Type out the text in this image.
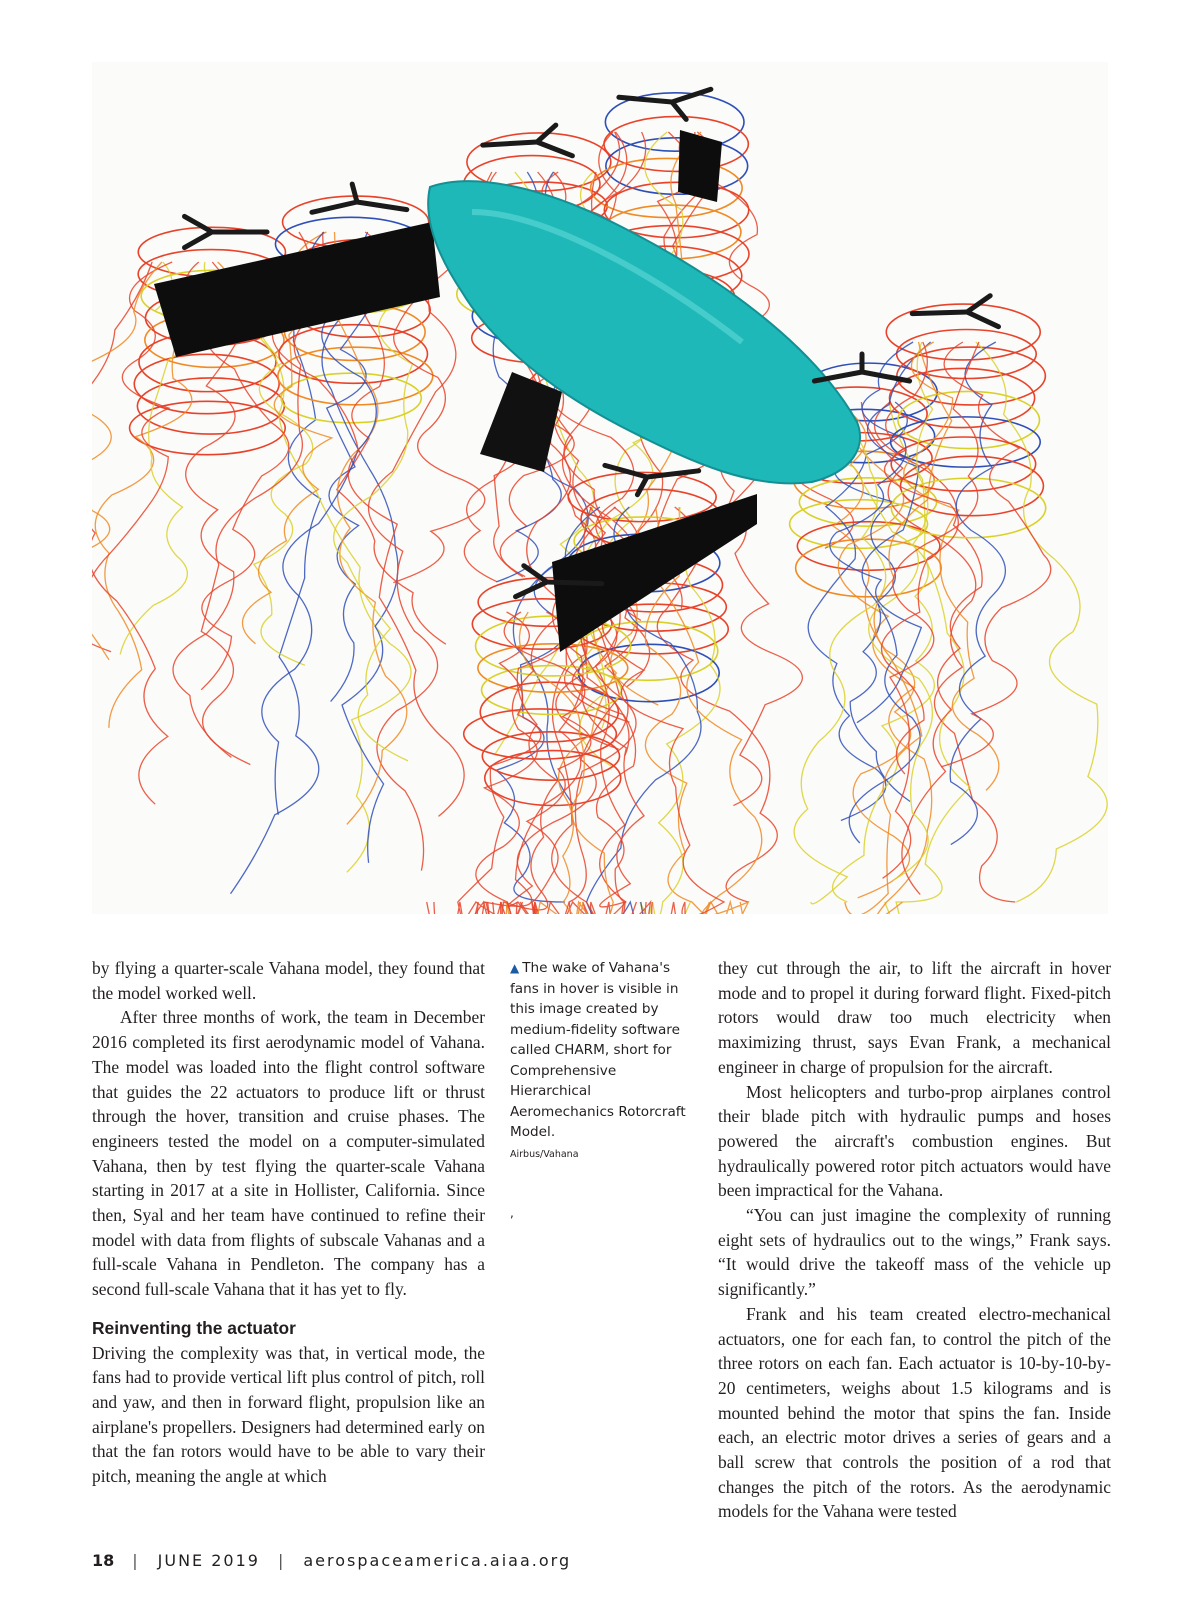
▲ The wake of Vahana's fans in hover is visible in this image created by medium-fidelity software called CHARM, short for Comprehensive Hierarchical Aeromechanics Rotorcraft Model.
Airbus/Vahana
,

by flying a quarter-scale Vahana model, they found that the model worked well.

After three months of work, the team in December 2016 completed its first aerodynamic model of Vahana. The model was loaded into the flight control software that guides the 22 actuators to produce lift or thrust through the hover, transition and cruise phases. The engineers tested the model on a computer-simulated Vahana, then by test flying the quarter-scale Vahana starting in 2017 at a site in Hollister, California. Since then, Syal and her team have continued to refine their model with data from flights of subscale Vahanas and a full-scale Vahana in Pendleton. The company has a second full-scale Vahana that it has yet to fly.

Reinventing the actuator

Driving the complexity was that, in vertical mode, the fans had to provide vertical lift plus control of pitch, roll and yaw, and then in forward flight, propulsion like an airplane's propellers. Designers had determined early on that the fan rotors would have to be able to vary their pitch, meaning the angle at which

they cut through the air, to lift the aircraft in hover mode and to propel it during forward flight. Fixed-pitch rotors would draw too much electricity when maximizing thrust, says Evan Frank, a mechanical engineer in charge of propulsion for the aircraft.

Most helicopters and turbo-prop airplanes control their blade pitch with hydraulic pumps and hoses powered the aircraft's combustion engines. But hydraulically powered rotor pitch actuators would have been impractical for the Vahana.

“You can just imagine the complexity of running eight sets of hydraulics out to the wings,” Frank says. “It would drive the takeoff mass of the vehicle up significantly.”

Frank and his team created electro-mechanical actuators, one for each fan, to control the pitch of the three rotors on each fan. Each actuator is 10-by-10-by-20 centimeters, weighs about 1.5 kilograms and is mounted behind the motor that spins the fan. Inside each, an electric motor drives a series of gears and a ball screw that controls the position of a rod that changes the pitch of the rotors. As the aerodynamic models for the Vahana were tested

18 | JUNE 2019 | aerospaceamerica.aiaa.org
